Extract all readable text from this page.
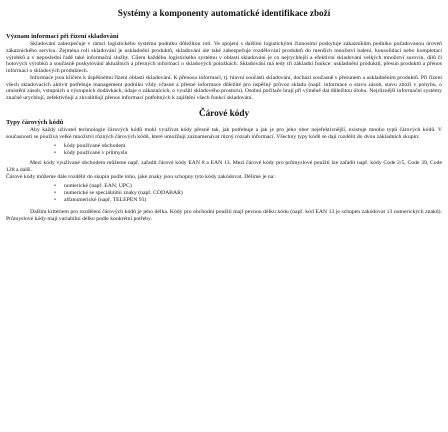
Systémy a komponenty automatické identifikace zboží
Význam informací při řízení skladování

Skladování zabezpečuje v rámci logistického systému podniku důležitou roli. Ve spojení s dalšími logistickými činnostmi poskytuje zákazníkům podniku požadovanou úroveň zákaznického servisu. Zejména roli skladování je uskladnění produktů, skladování ale také zabezpečuje rozdělování produktů do menších množství balení, konsolidaci nebo kompletaci výrobků a v neposlední řadě také informační služby. Cílem každého logistického systému v oblasti skladování je co nejrychlejší a efektivní skladování velkých množství surovin, dílů či hotových výrobků a současně poskytování aktuálních a přesných informací o skladových položkách. Skladování má tedy tři základní funkce: uskladnění produktů, přesun produktů a přenos informací o skladových produktech.

Informace jsou klíčem k úspěšnému řízení oblasti skladování. K přenosu informací, tj. hlavní součásti skladování, dochází současně s přesunem a uskladněním produktů. Při řízení všech skladovacích aktivit potřebuje management podniku vždy včasné a přesné informace důležité pro úspěšný průvoz skladu (např. informace o stavu zásob, stavu zboží v pohybu, o umístění zásob, vstupních a výstupních dodávkách, údaje o zákaznících, o využití skladového prostoru). Osobní počítače hrají při výměně dat důležitou úlohu. Nejrůznější informační systémy značně urychlují, zefektivňují a zkvalitňují přenos informací potřebných k zajištění všech funkcí skladování.

Čárové kódy
Typy čárových kódů

Aby každý uživatel technologie čárových kódů mohl využívat kódy přesně tak, jak potřebuje a jak je pro jeho obor nejefektivnější, existuje mnoho typů čárových kódů. V současnosti se používá velké množství různých čárových kódů, které umožňují zaznamenávat různý rozsah informací. Všechny typy kódů se dají rozdělit do dvou základních skupin:

• kódy používané obchodem
• kódy používané v průmyslu

Mezi kódy využívané obchodem můžeme např. zařadit čárové kódy EAN 8 a EAN 13. Mezi čárové kódy pro průmyslové použití lze zařadit např. kódy Code 2/5, Code 39, Code 128 a další.

Čárové kódy můžeme dále rozdělit do skupin podle toho, jaké znaky jsou schopny tyto kódy zakódovat. Dělíme je na:

• numerické (např. EAN, UPC)
• numerické se speciálními znaky (např. CODABAR)
• alfanumerické (např. TELEPEN 93)

Dalším kritériem pro rozdělení čárových kódů je jeho délka. Kódy pro obchodní použití mají pevnou délku kódu (např. kód EAN 13 je schopen zakódovat 13 numerických znaků). Průmyslové kódy mají variabilní délku podle konkrétní potřeby.
